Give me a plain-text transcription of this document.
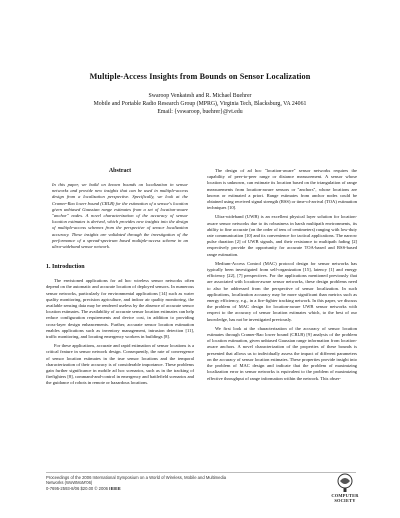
Multiple-Access Insights from Bounds on Sensor Localization
Swaroop Venkatesh and R. Michael Buehrer
Mobile and Portable Radio Research Group (MPRG), Virginia Tech, Blacksburg, VA 24061
Email: {vswaroop, buehrer}@vt.edu
Abstract
In this paper, we build on known bounds on localization in sensor networks and provide new insights that can be used in multiple-access design from a localization perspective. Specifically, we look at the Cramer-Rao lower bound (CRLB) for the estimation of a sensor's location given unbiased Gaussian range estimates from a set of location-aware "anchor" nodes. A novel characterization of the accuracy of sensor location estimates is derived, which provides new insights into the design of multiple-access schemes from the perspective of sensor localization accuracy. These insights are validated through the investigation of the performance of a spread-spectrum based multiple-access scheme in an ultra-wideband sensor network.
1. Introduction

The envisioned applications for ad hoc wireless sensor networks often depend on the automatic and accurate location of deployed sensors. In numerous sensor networks, particularly for environmental applications [14] such as water quality monitoring, precision agriculture, and indoor air quality monitoring, the available sensing data may be rendered useless by the absence of accurate sensor location estimates. The availability of accurate sensor location estimates can help reduce configuration requirements and device cost, in addition to providing cross-layer design enhancements. Further, accurate sensor location estimation enables applications such as inventory management, intrusion detection [11], traffic monitoring, and locating emergency workers in buildings [8].

For these applications, accurate and rapid estimation of sensor locations is a critical feature in sensor network design. Consequently, the rate of convergence of sensor location estimates in the true sensor locations and the temporal characterization of their accuracy is of considerable importance. These problems gain further significance in mobile ad hoc scenarios, such as in the tracking of firefighters [8], command-and-control in emergency and battlefield scenarios and the guidance of robots in remote or hazardous locations.

The design of ad hoc "location-aware" sensor networks requires the capability of peer-to-peer range or distance measurement. A sensor whose location is unknown, can estimate its location based on the triangulation of range measurements from location-aware sensors or "anchors", whose locations are known or estimated a priori. Range estimates from anchor nodes could be obtained using received signal strength (RSS) or time-of-arrival (TOA) estimation techniques [10].

Ultra-wideband (UWB) is an excellent physical layer solution for location-aware sensor networks due to its robustness in harsh multipath environments, its ability to fine accurate (on the order of tens of centimeters) ranging with low-duty rate communication [10] and its convenience for tactical applications. The narrow pulse duration [2] of UWB signals, and their resistance to multipath fading [2] respectively provide the opportunity for accurate TOA-based and RSS-based range estimation.

Medium-Access Control (MAC) protocol design for sensor networks has typically been investigated from self-organization [15], latency [1] and energy efficiency [22], [7] perspectives. For the applications mentioned previously that are associated with location-aware sensor networks, these design problems need to also be addressed from the perspective of sensor localization. In such applications, localization accuracy may be more significant than metrics such as energy efficiency, e.g., in a fire-fighter tracking network. In this paper, we discuss the problem of MAC design for location-aware UWB sensor networks with respect to the accuracy of sensor location estimates which, to the best of our knowledge, has not be investigated previously.

We first look at the characterization of the accuracy of sensor location estimates through Cramer-Rao lower bound (CRLB) [9] analysis of the problem of location estimation, given unbiased Gaussian range information from location-aware anchors. A novel characterization of the properties of these bounds is presented that allows us to individually assess the impact of different parameters on the accuracy of sensor location estimates. These properties provide insight into the problem of MAC design and indicate that the problem of maximizing localization error in sensor networks is equivalent to the problem of maximizing effective throughput of range information within the network. This obser-

Proceedings of the 2006 International Symposium on a World of Wireless, Mobile and Multimedia
Networks (WoWMoM'06)
0-7695-2593-8/06 $20.00 © 2006 IEEE
COMPUTER
SOCIETY
